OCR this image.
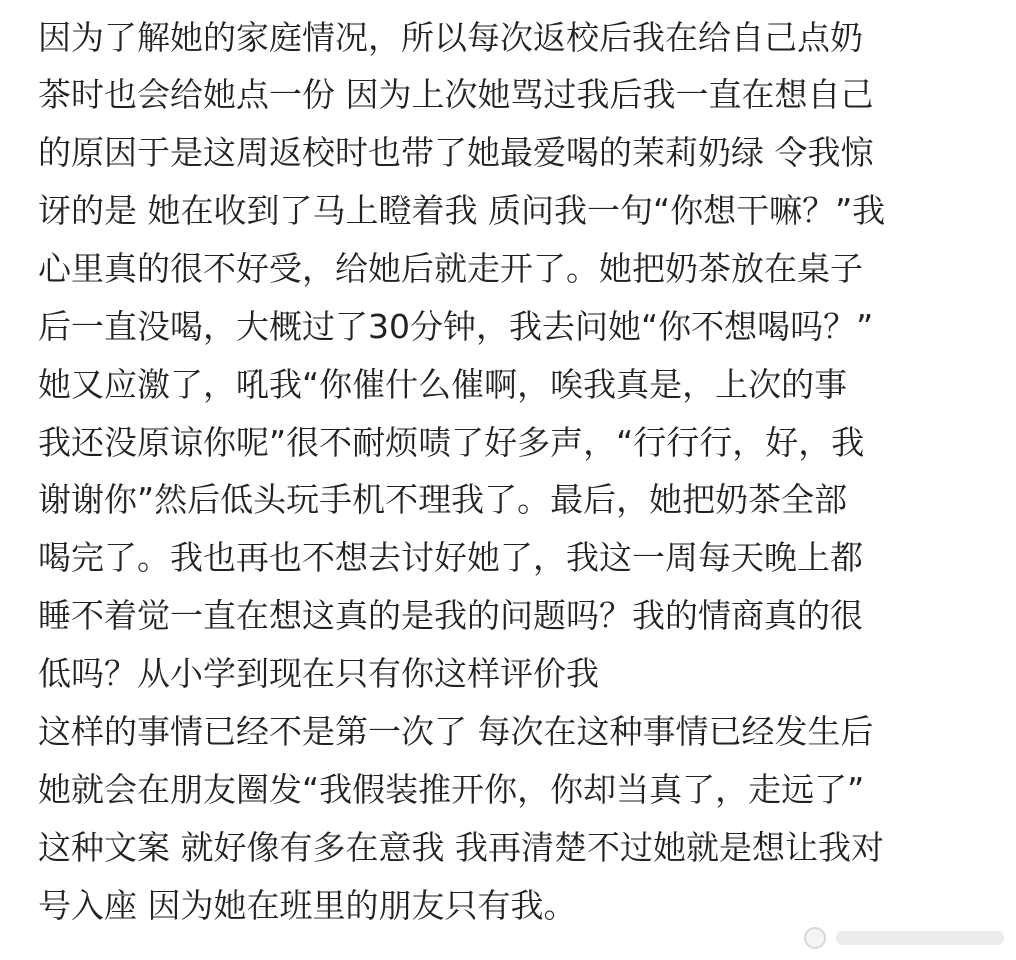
因为了解她的家庭情况，所以每次返校后我在给自己点奶
茶时也会给她点一份 因为上次她骂过我后我一直在想自己
的原因于是这周返校时也带了她最爱喝的茉莉奶绿 令我惊
讶的是 她在收到了马上瞪着我 质问我一句“你想干嘛？”我
心里真的很不好受，给她后就走开了。她把奶茶放在桌子
后一直没喝，大概过了30分钟，我去问她“你不想喝吗？”
她又应激了，吼我“你催什么催啊，唉我真是，上次的事
我还没原谅你呢”很不耐烦啧了好多声，“行行行，好，我
谢谢你”然后低头玩手机不理我了。最后，她把奶茶全部
喝完了。我也再也不想去讨好她了，我这一周每天晚上都
睡不着觉一直在想这真的是我的问题吗？我的情商真的很
低吗？从小学到现在只有你这样评价我
这样的事情已经不是第一次了 每次在这种事情已经发生后
她就会在朋友圈发“我假装推开你，你却当真了，走远了”
这种文案 就好像有多在意我 我再清楚不过她就是想让我对
号入座 因为她在班里的朋友只有我。
